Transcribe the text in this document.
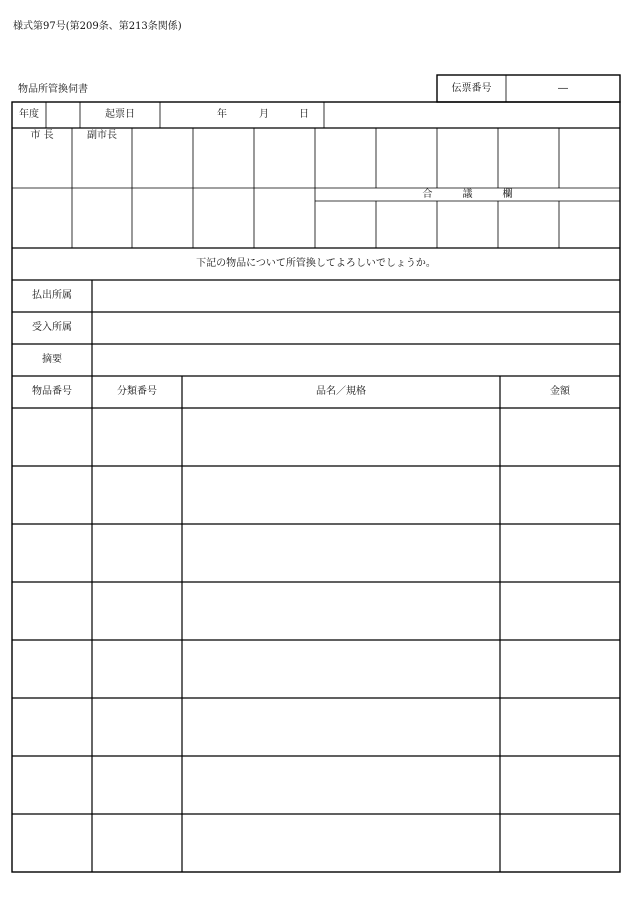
様式第97号(第209条、第213条関係)
物品所管換伺書	伝票番号	―
年度	起票日	年	月	日
市 長	副市長
合　　　議　　　欄
下記の物品について所管換してよろしいでしょうか。
払出所属
受入所属
摘要
物品番号	分類番号	品名／規格	金額
